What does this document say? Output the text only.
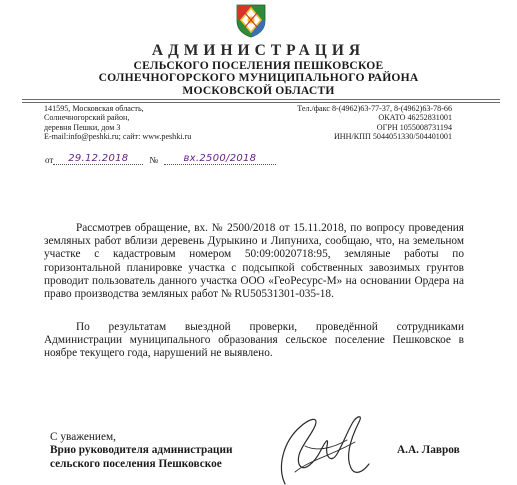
АДМИНИСТРАЦИЯ
СЕЛЬСКОГО ПОСЕЛЕНИЯ ПЕШКОВСКОЕ
СОЛНЕЧНОГОРСКОГО МУНИЦИПАЛЬНОГО РАЙОНА
МОСКОВСКОЙ ОБЛАСТИ
141595, Московская область,
Солнечногорский район,
деревня Пешки, дом 3
E-mail:info@peshki.ru; сайт: www.peshki.ru
Тел./факс 8-(4962)63-77-37, 8-(4962)63-78-66
ОКАТО 46252831001
ОГРН 1055008731194
ИНН/КПП 5044051330/504401001
от 29.12.2018 №	вх.2500/2018

Рассмотрев обращение, вх. № 2500/2018 от 15.11.2018, по вопросу проведения земляных работ вблизи деревень Дурыкино и Липуниха, сообщаю, что, на земельном участке с кадастровым номером 50:09:0020718:95, земляные работы по горизонтальной планировке участка с подсыпкой собственных завозимых грунтов проводит пользователь данного участка ООО «ГеоРесурс-М» на основании Ордера на право производства земляных работ № RU50531301-035-18.

По результатам выездной проверки, проведённой сотрудниками Администрации муниципального образования сельское поселение Пешковское в ноябре текущего года, нарушений не выявлено.

С уважением,
Врио руководителя администрации
сельского поселения Пешковское
А.А. Лавров
